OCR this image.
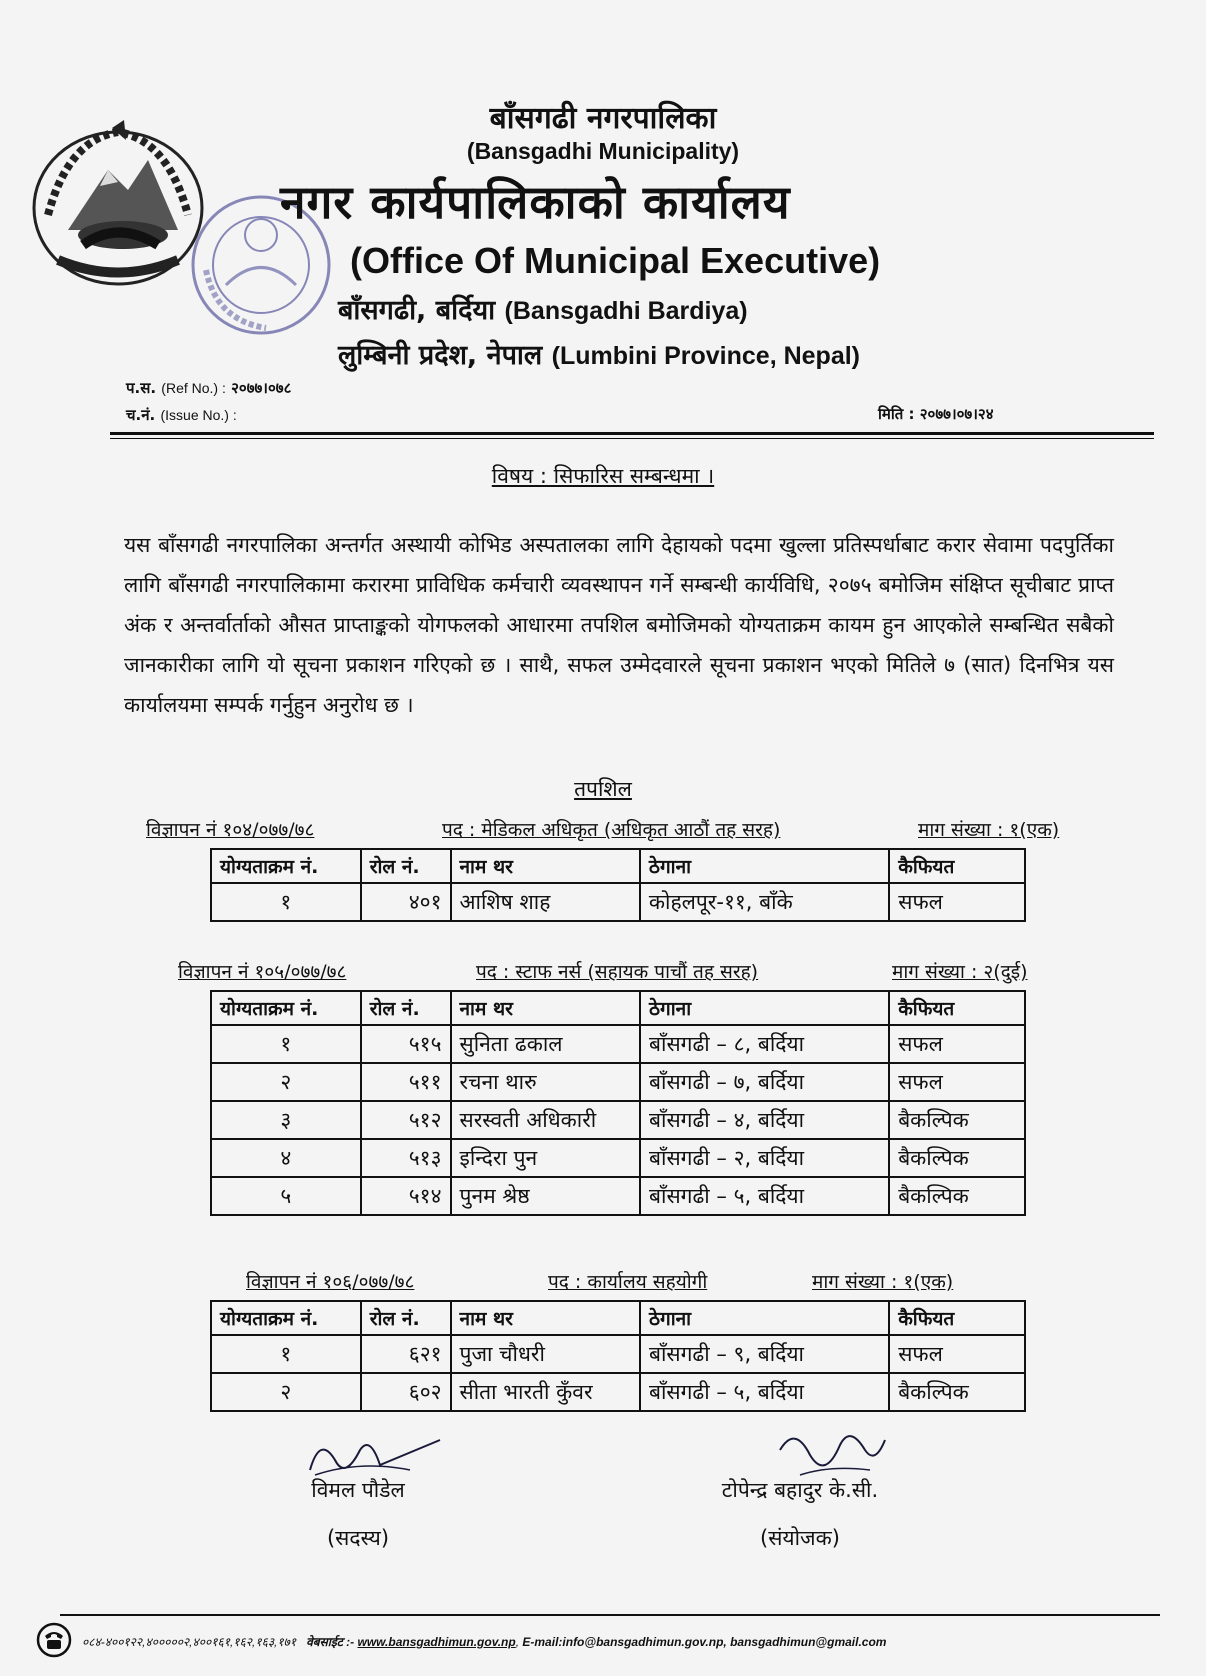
बाँसगढी नगरपालिका
(Bansgadhi Municipality)
नगर कार्यपालिकाको कार्यालय
(Office Of Municipal Executive)
बाँसगढी, बर्दिया (Bansgadhi Bardiya)
लुम्बिनी प्रदेश, नेपाल (Lumbini Province, Nepal)
प.स. (Ref No.) : २०७७।०७८
च.नं. (Issue No.) :	मिति : २०७७।०७।२४
विषय : सिफारिस सम्बन्धमा ।
यस बाँसगढी नगरपालिका अन्तर्गत अस्थायी कोभिड अस्पतालका लागि देहायको पदमा खुल्ला प्रतिस्पर्धाबाट करार सेवामा पदपुर्तिका लागि बाँसगढी नगरपालिकामा करारमा प्राविधिक कर्मचारी व्यवस्थापन गर्ने सम्बन्धी कार्यविधि, २०७५ बमोजिम संक्षिप्त सूचीबाट प्राप्त अंक र अन्तर्वार्ताको औसत प्राप्ताङ्कको योगफलको आधारमा तपशिल बमोजिमको योग्यताक्रम कायम हुन आएकोले सम्बन्धित सबैको जानकारीका लागि यो सूचना प्रकाशन गरिएको छ । साथै, सफल उम्मेदवारले सूचना प्रकाशन भएको मितिले ७ (सात) दिनभित्र यस कार्यालयमा सम्पर्क गर्नुहुन अनुरोध छ ।
तपशिल
विज्ञापन नं १०४/०७७/७८	पद : मेडिकल अधिकृत (अधिकृत आठौं तह सरह)	माग संख्या : १(एक)
योग्यताक्रम नं.	रोल नं.	नाम थर	ठेगाना	कैफियत
१	४०१	आशिष शाह	कोहलपूर-११, बाँके	सफल
विज्ञापन नं १०५/०७७/७८	पद : स्टाफ नर्स (सहायक पाचौं तह सरह)	माग संख्या : २(दुई)
योग्यताक्रम नं.	रोल नं.	नाम थर	ठेगाना	कैफियत
१	५१५	सुनिता ढकाल	बाँसगढी – ८, बर्दिया	सफल
२	५११	रचना थारु	बाँसगढी – ७, बर्दिया	सफल
३	५१२	सरस्वती अधिकारी	बाँसगढी – ४, बर्दिया	बैकल्पिक
४	५१३	इन्दिरा पुन	बाँसगढी – २, बर्दिया	बैकल्पिक
५	५१४	पुनम श्रेष्ठ	बाँसगढी – ५, बर्दिया	बैकल्पिक
विज्ञापन नं १०६/०७७/७८	पद : कार्यालय सहयोगी	माग संख्या : १(एक)
योग्यताक्रम नं.	रोल नं.	नाम थर	ठेगाना	कैफियत
१	६२१	पुजा चौधरी	बाँसगढी – ९, बर्दिया	सफल
२	६०२	सीता भारती कुँवर	बाँसगढी – ५, बर्दिया	बैकल्पिक
विमल पौडेल
(सदस्य)
टोपेन्द्र बहादुर के.सी.
(संयोजक)
०८४-४००१२२,४०००००२,४००१६१,१६२,१६३,१७१ वेबसाईट :- www.bansgadhimun.gov.np, E-mail:info@bansgadhimun.gov.np, bansgadhimun@gmail.com
